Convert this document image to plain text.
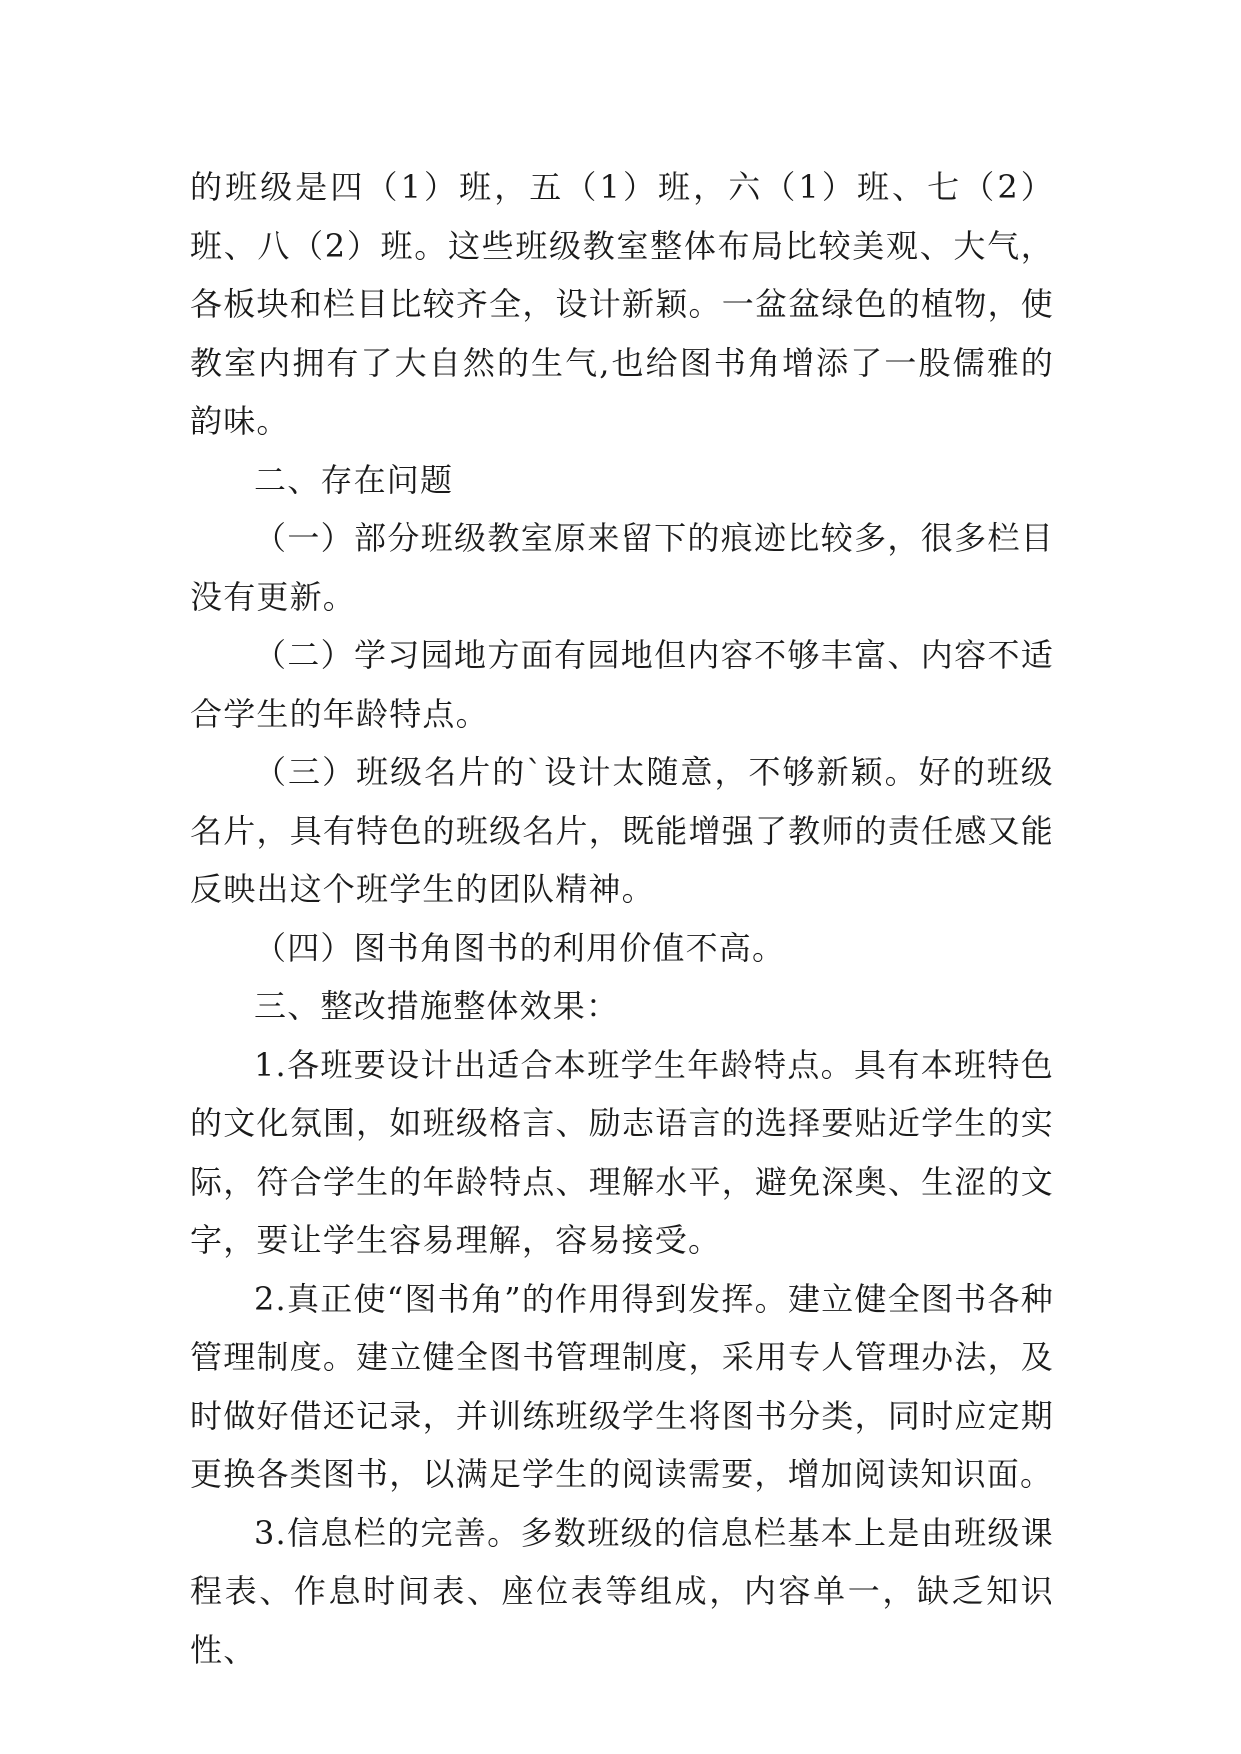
的班级是四（1）班，五（1）班，六（1）班、七（2）班、八（2）班。这些班级教室整体布局比较美观、大气，各板块和栏目比较齐全，设计新颖。一盆盆绿色的植物，使教室内拥有了大自然的生气,也给图书角增添了一股儒雅的韵味。

二、存在问题

（一）部分班级教室原来留下的痕迹比较多，很多栏目没有更新。

（二）学习园地方面有园地但内容不够丰富、内容不适合学生的年龄特点。

（三）班级名片的`设计太随意，不够新颖。好的班级名片，具有特色的班级名片，既能增强了教师的责任感又能反映出这个班学生的团队精神。

（四）图书角图书的利用价值不高。

三、整改措施整体效果：

1.各班要设计出适合本班学生年龄特点。具有本班特色的文化氛围，如班级格言、励志语言的选择要贴近学生的实际，符合学生的年龄特点、理解水平，避免深奥、生涩的文字，要让学生容易理解，容易接受。

2.真正使“图书角”的作用得到发挥。建立健全图书各种管理制度。建立健全图书管理制度，采用专人管理办法，及时做好借还记录，并训练班级学生将图书分类，同时应定期更换各类图书，以满足学生的阅读需要，增加阅读知识面。

3.信息栏的完善。多数班级的信息栏基本上是由班级课程表、作息时间表、座位表等组成，内容单一，缺乏知识性、
